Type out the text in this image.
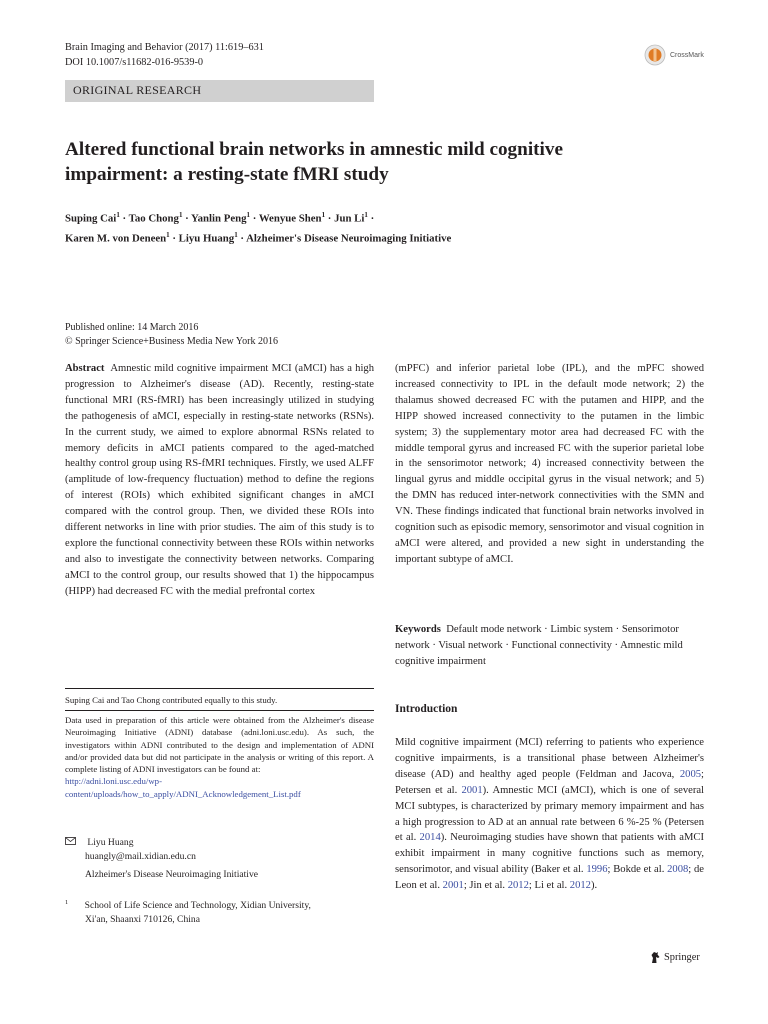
Brain Imaging and Behavior (2017) 11:619–631
DOI 10.1007/s11682-016-9539-0
CrossMark
ORIGINAL RESEARCH
Altered functional brain networks in amnestic mild cognitive
impairment: a resting-state fMRI study
Suping Cai$^1$ · Tao Chong$^1$ · Yanlin Peng$^1$ · Wenyue Shen$^1$ · Jun $Li^1$ ·
Karen M. von Deneen$^1$ · Liyu Huang$^1$ · Alzheimer's Disease Neuroimaging Initiative
Published online: 14 March 2016
© Springer Science+Business Media New York 2016
Abstract Amnestic mild cognitive impairment MCI (aMCI) has a high progression to Alzheimer's disease (AD). Recently, resting-state functional MRI (RS-fMRI) has been increasingly utilized in studying the pathogenesis of aMCI, especially in resting-state networks (RSNs). In the current study, we aimed to explore abnormal RSNs related to memory deficits in aMCI patients compared to the aged-matched healthy control group using RS-fMRI techniques. Firstly, we used ALFF (amplitude of low-frequency fluctuation) method to define the regions of interest (ROIs) which exhibited significant changes in aMCI compared with the control group. Then, we divided these ROIs into different networks in line with prior studies. The aim of this study is to explore the functional connectivity between these ROIs within networks and also to investigate the connectivity between networks. Comparing aMCI to the control group, our results showed that 1) the hippocampus (HIPP) had decreased FC with the medial prefrontal cortex
(mPFC) and inferior parietal lobe (IPL), and the mPFC showed increased connectivity to IPL in the default mode network; 2) the thalamus showed decreased FC with the putamen and HIPP, and the HIPP showed increased connectivity to the putamen in the limbic system; 3) the supplementary motor area had decreased FC with the middle temporal gyrus and increased FC with the superior parietal lobe in the sensorimotor network; 4) increased connectivity between the lingual gyrus and middle occipital gyrus in the visual network; and 5) the DMN has reduced inter-network connectivities with the SMN and VN. These findings indicated that functional brain networks involved in cognition such as episodic memory, sensorimotor and visual cognition in aMCI were altered, and provided a new sight in understanding the important subtype of aMCI.
Keywords Default mode network · Limbic system · Sensorimotor network · Visual network · Functional connectivity · Amnestic mild cognitive impairment
Suping Cai and Tao Chong contributed equally to this study.
Data used in preparation of this article were obtained from the Alzheimer's disease Neuroimaging Initiative (ADNI) database (adni.loni.usc.edu). As such, the investigators within ADNI contributed to the design and implementation of ADNI and/or provided data but did not participate in the analysis or writing of this report. A complete listing of ADNI investigators can be found at:
http://adni.loni.usc.edu/wp-content/uploads/how_to_apply/ADNI_Acknowledgement_List.pdf
Liyu Huang
huangly@mail.xidian.edu.cn
Alzheimer's Disease Neuroimaging Initiative
$^1$ School of Life Science and Technology, Xidian University,
Xi'an, Shaanxi 710126, China
Introduction
Mild cognitive impairment (MCI) referring to patients who experience cognitive impairments, is a transitional phase between Alzheimer's disease (AD) and healthy aged people (Feldman and Jacova, 2005; Petersen et al. 2001). Amnestic MCI (aMCI), which is one of several MCI subtypes, is characterized by primary memory impairment and has a high progression to AD at an annual rate between 6 %-25 % (Petersen et al. 2014). Neuroimaging studies have shown that patients with aMCI exhibit impairment in many cognitive functions such as memory, sensorimotor, and visual ability (Baker et al. 1996; Bokde et al. 2008; de Leon et al. 2001; Jin et al. 2012; Li et al. 2012).
Springer
